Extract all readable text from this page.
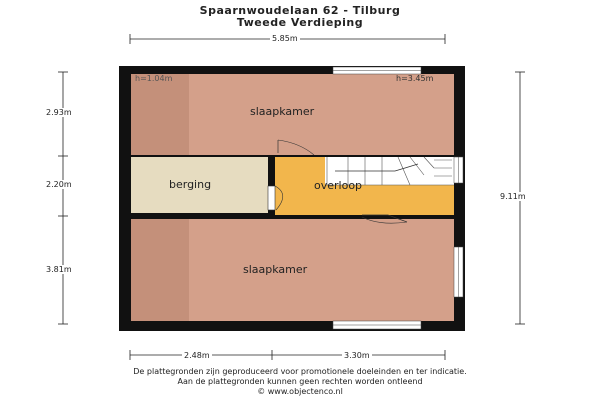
Spaarnwoudelaan 62 - Tilburg
Tweede Verdieping
5.85m
2.93m
2.20m
3.81m
9.11m
2.48m	3.30m
h=1.04m	h=3.45m
slaapkamer
berging	overloop
slaapkamer
De plattegronden zijn geproduceerd voor promotionele doeleinden en ter indicatie.
Aan de plattegronden kunnen geen rechten worden ontleend
© www.objectenco.nl
